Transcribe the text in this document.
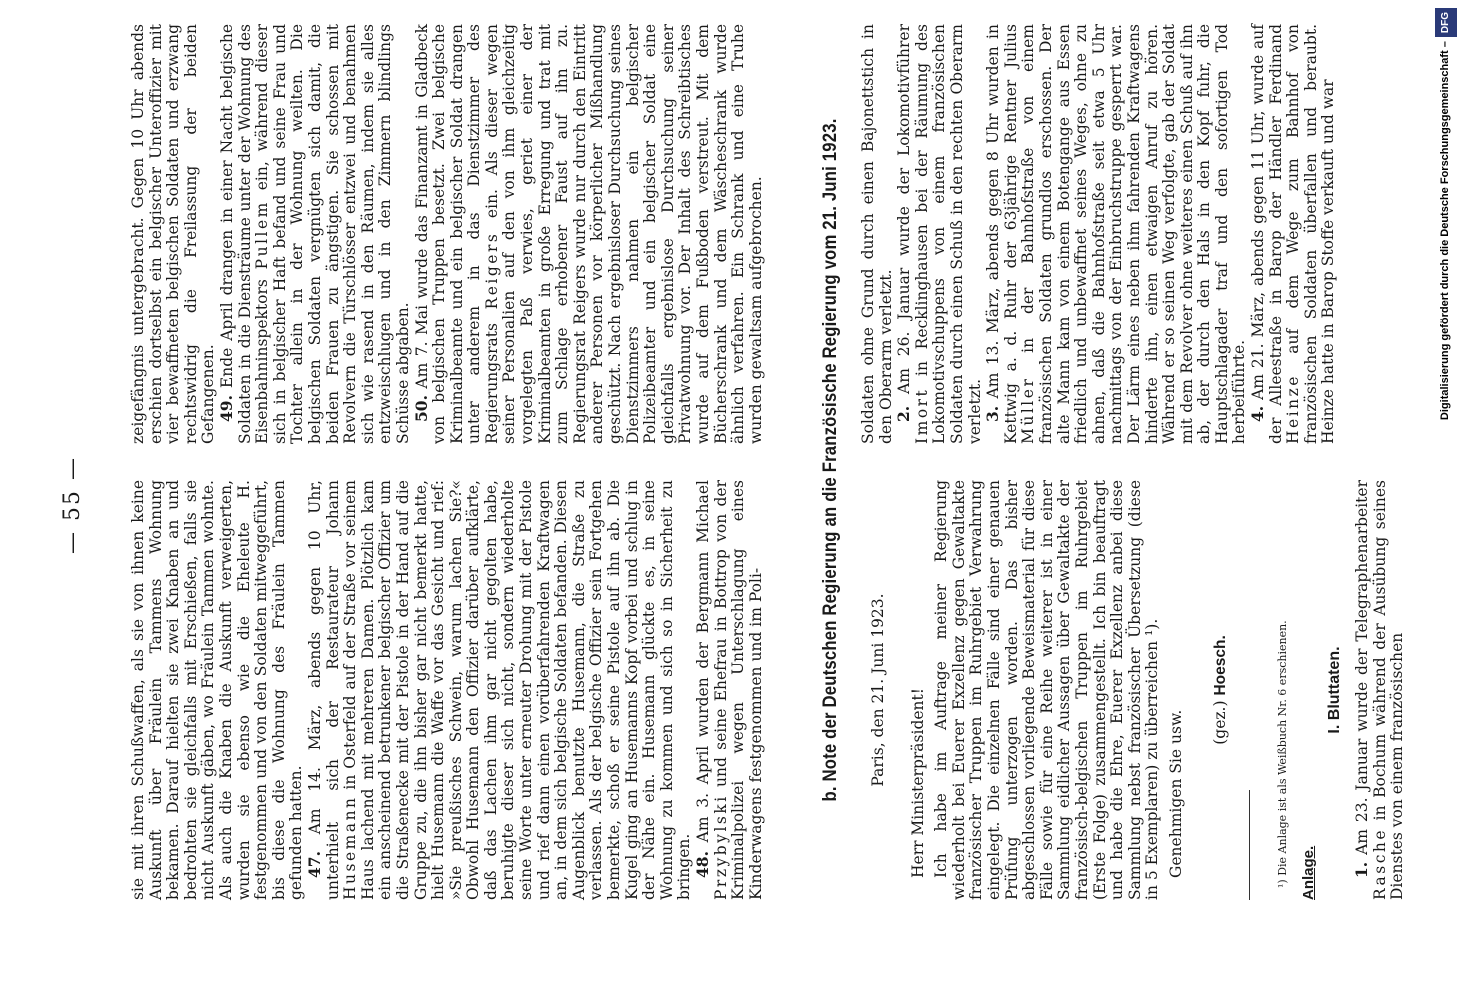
— 55 —	sie mit ihren Schußwaffen, als sie von ihnen keine Auskunft über Fräulein Tammens Wohnung bekamen. Darauf hielten sie zwei Knaben an und bedrohten sie gleichfalls mit Erschießen, falls sie nicht Auskunft gäben, wo Fräulein Tammen wohnte. Als auch die Knaben die Auskunft verweigerten, wurden sie ebenso wie die Eheleute H. festgenommen und von den Soldaten mitweggeführt, bis diese die Wohnung des Fräulein Tammen gefunden hatten. 47. Am 14. März, abends gegen 10 Uhr, unterhielt sich der Restaurateur Johann Husemann in Osterfeld auf der Straße vor seinem Haus lachend mit mehreren Damen. Plötzlich kam ein anscheinend betrunkener belgischer Offizier um die Straßenecke mit der Pistole in der Hand auf die Gruppe zu, die ihn bisher gar nicht bemerkt hatte, hielt Husemann die Waffe vor das Gesicht und rief: »Sie preußisches Schwein, warum lachen Sie?« Obwohl Husemann den Offizier darüber aufklärte, daß das Lachen ihm gar nicht gegolten habe, beruhigte dieser sich nicht, sondern wiederholte seine Worte unter erneuter Drohung mit der Pistole und rief dann einen vorüberfahrenden Kraftwagen an, in dem sich belgische Soldaten befanden. Diesen Augenblick benutzte Husemann, die Straße zu verlassen. Als der belgische Offizier sein Fortgehen bemerkte, schoß er seine Pistole auf ihn ab. Die Kugel ging an Husemanns Kopf vorbei und schlug in der Nähe ein. Husemann glückte es, in seine Wohnung zu kommen und sich so in Sicherheit zu bringen. 48. Am 3. April wurden der Bergmann Michael Przybylski und seine Ehefrau in Bottrop von der Kriminalpolizei wegen Unterschlagung eines Kinderwagens festgenommen und im Poli-

zeigefängnis untergebracht. Gegen 10 Uhr abends erschien dortselbst ein belgischer Unteroffizier mit vier bewaffneten belgischen Soldaten und erzwang rechtswidrig die Freilassung der beiden Gefangenen. 49. Ende April drangen in einer Nacht belgische Soldaten in die Diensträume unter der Wohnung des Eisenbahninspektors Pullem ein, während dieser sich in belgischer Haft befand und seine Frau und Tochter allein in der Wohnung weilten. Die belgischen Soldaten vergnügten sich damit, die beiden Frauen zu ängstigen. Sie schossen mit Revolvern die Türschlösser entzwei und benahmen sich wie rasend in den Räumen, indem sie alles entzweischlugen und in den Zimmern blindlings Schüsse abgaben. 50. Am 7. Mai wurde das Finanzamt in Gladbeck von belgischen Truppen besetzt. Zwei belgische Kriminalbeamte und ein belgischer Soldat drangen unter anderem in das Dienstzimmer des Regierungsrats Reigers ein. Als dieser wegen seiner Personalien auf den von ihm gleichzeitig vorgelegten Paß verwies, geriet einer der Kriminalbeamten in große Erregung und trat mit zum Schlage erhobener Faust auf ihn zu. Regierungsrat Reigers wurde nur durch den Eintritt anderer Personen vor körperlicher Mißhandlung geschützt. Nach ergebnisloser Durchsuchung seines Dienstzimmers nahmen ein belgischer Polizeibeamter und ein belgischer Soldat eine gleichfalls ergebnislose Durchsuchung seiner Privatwohnung vor. Der Inhalt des Schreibtisches wurde auf dem Fußboden verstreut. Mit dem Bücherschrank und dem Wäscheschrank wurde ähnlich verfahren. Ein Schrank und eine Truhe wurden gewaltsam aufgebrochen.	b. Note der Deutschen Regierung an die Französische Regierung vom 21. Juni 1923. Paris, den 21. Juni 1923. Herr Ministerpräsident! Ich habe im Auftrage meiner Regierung wiederholt bei Euerer Exzellenz gegen Gewaltakte französischer Truppen im Ruhrgebiet Verwahrung eingelegt. Die einzelnen Fälle sind einer genauen Prüfung unterzogen worden. Das bisher abgeschlossen vorliegende Beweismaterial für diese Fälle sowie für eine Reihe weiterer ist in einer Sammlung eidlicher Aussagen über Gewaltakte der französisch-belgischen Truppen im Ruhrgebiet (Erste Folge) zusammengestellt. Ich bin beauftragt und habe die Ehre, Euerer Exzellenz anbei diese Sammlung nebst französischer Übersetzung (diese in 5 Exemplaren) zu überreichen ¹). Genehmigen Sie usw. (gez.) Hoesch.	¹) Die Anlage ist als Weißbuch Nr. 6 erschienen. Anlage.
I. Bluttaten.

1. Am 23. Januar wurde der Telegraphenarbeiter Rasche in Bochum während der Ausübung seines Dienstes von einem französischen

Soldaten ohne Grund durch einen Bajonettstich in den Oberarm verletzt. 2. Am 26. Januar wurde der Lokomotivführer Imort in Recklinghausen bei der Räumung des Lokomotivschuppens von einem französischen Soldaten durch einen Schuß in den rechten Oberarm verletzt. 3. Am 13. März, abends gegen 8 Uhr wurden in Kettwig a. d. Ruhr der 63jährige Rentner Julius Müller in der Bahnhofstraße von einem französischen Soldaten grundlos erschossen. Der alte Mann kam von einem Botengange aus Essen friedlich und unbewaffnet seines Weges, ohne zu ahnen, daß die Bahnhofstraße seit etwa 5 Uhr nachmittags von der Einbruchstruppe gesperrt war. Der Lärm eines neben ihm fahrenden Kraftwagens hinderte ihn, einen etwaigen Anruf zu hören. Während er so seinen Weg verfolgte, gab der Soldat mit dem Revolver ohne weiteres einen Schuß auf ihn ab, der durch den Hals in den Kopf fuhr, die Hauptschlagader traf und den sofortigen Tod herbeiführte. 4. Am 21. März, abends gegen 11 Uhr, wurde auf der Alleestraße in Barop der Händler Ferdinand Heinze auf dem Wege zum Bahnhof von französischen Soldaten überfallen und beraubt. Heinze hatte in Barop Stoffe verkauft und war	Digitalisierung gefördert durch die Deutsche Forschungsgemeinschaft –DFG
